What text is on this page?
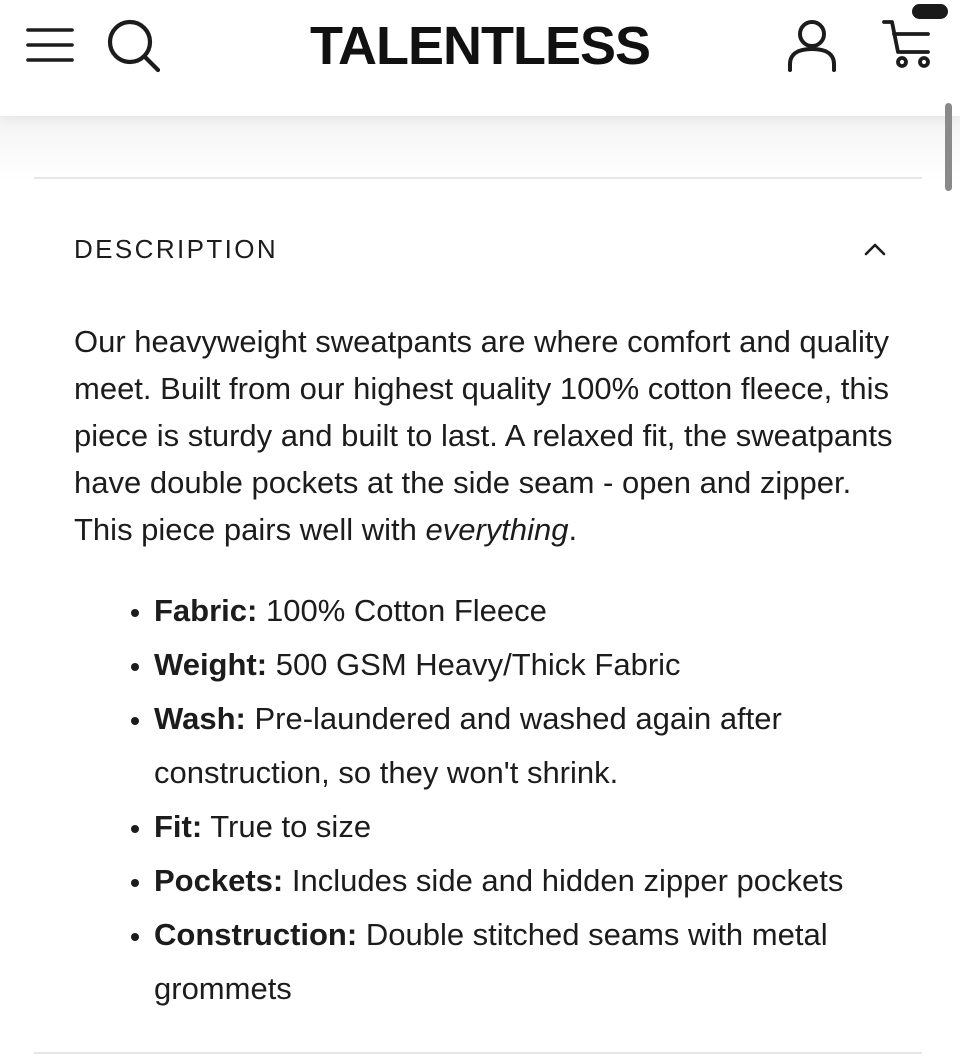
TALENTLESS
DESCRIPTION

Our heavyweight sweatpants are where comfort and quality meet. Built from our highest quality 100% cotton fleece, this piece is sturdy and built to last. A relaxed fit, the sweatpants have double pockets at the side seam - open and zipper. This piece pairs well with everything.

• Fabric: 100% Cotton Fleece
• Weight: 500 GSM Heavy/Thick Fabric
• Wash: Pre-laundered and washed again after construction, so they won't shrink.
• Fit: True to size
• Pockets: Includes side and hidden zipper pockets
• Construction: Double stitched seams with metal grommets
